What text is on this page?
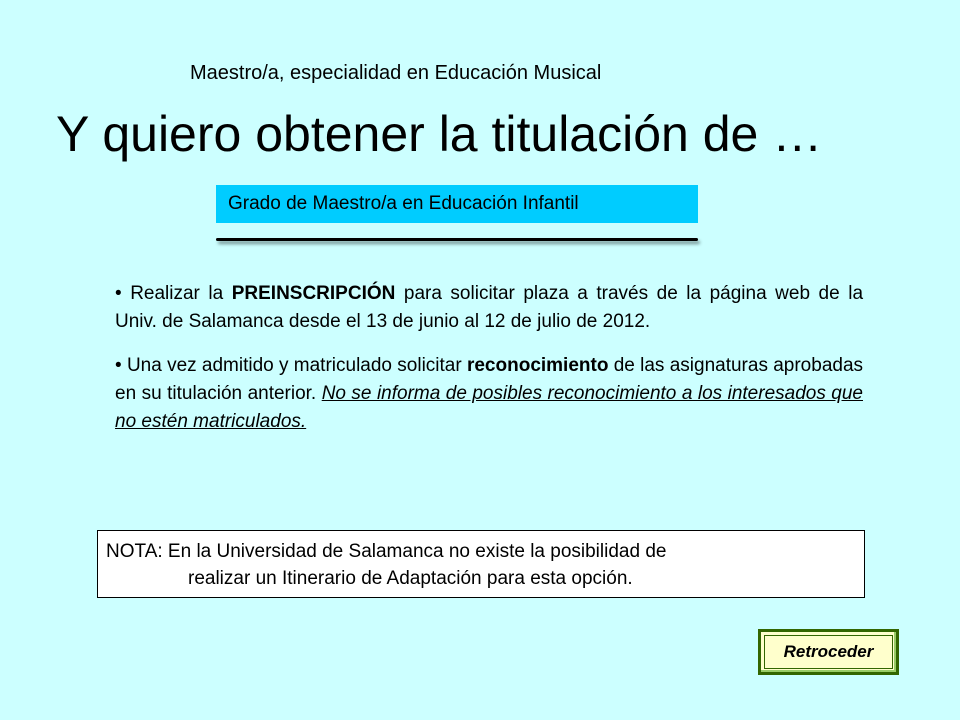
Maestro/a, especialidad en Educación Musical
Y quiero obtener la titulación de …
Grado de Maestro/a en Educación Infantil

• Realizar la PREINSCRIPCIÓN para solicitar plaza a través de la página web de la Univ. de Salamanca desde el 13 de junio al 12 de julio de 2012.

• Una vez admitido y matriculado solicitar reconocimiento de las asignaturas aprobadas en su titulación anterior. No se informa de posibles reconocimiento a los interesados que no estén matriculados.

NOTA: En la Universidad de Salamanca no existe la posibilidad de
realizar un Itinerario de Adaptación para esta opción.
Retroceder
